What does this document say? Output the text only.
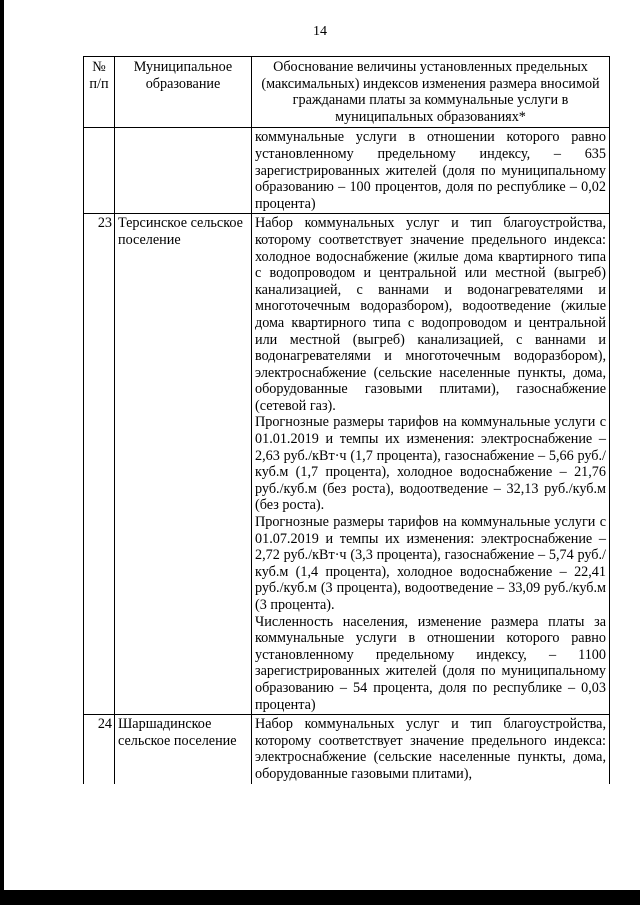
14
№ п/п	Муниципальное образование	Обоснование величины установленных предельных (максимальных) индексов изменения размера вносимой гражданами платы за коммунальные услуги в муниципальных образованиях*
		коммунальные услуги в отношении которого равно установленному предельному индексу, – 635 зарегистрированных жителей (доля по муниципальному образованию – 100 процентов, доля по республике – 0,02 процента)
23	Терсинское сельское поселение	Набор коммунальных услуг и тип благоустройства, которому соответствует значение предельного индекса: холодное водоснабжение (жилые дома квартирного типа с водопроводом и центральной или местной (выгреб) канализацией, с ваннами и водонагревателями и многоточечным водоразбором), водоотведение (жилые дома квартирного типа с водопроводом и центральной или местной (выгреб) канализацией, с ваннами и водонагревателями и многоточечным водоразбором), электроснабжение (сельские населенные пункты, дома, оборудованные газовыми плитами), газоснабжение (сетевой газ).
Прогнозные размеры тарифов на коммунальные услуги с 01.01.2019 и темпы их изменения: электроснабжение – 2,63 руб./кВт·ч (1,7 процента), газоснабжение – 5,66 руб./куб.м (1,7 процента), холодное водоснабжение – 21,76 руб./куб.м (без роста), водоотведение – 32,13 руб./куб.м (без роста).
Прогнозные размеры тарифов на коммунальные услуги с 01.07.2019 и темпы их изменения: электроснабжение – 2,72 руб./кВт·ч (3,3 процента), газоснабжение – 5,74 руб./куб.м (1,4 процента), холодное водоснабжение – 22,41 руб./куб.м (3 процента), водоотведение – 33,09 руб./куб.м (3 процента).
Численность населения, изменение размера платы за коммунальные услуги в отношении которого равно установленному предельному индексу, – 1100 зарегистрированных жителей (доля по муниципальному образованию – 54 процента, доля по республике – 0,03 процента)

24	Шаршадинское сельское поселение	Набор коммунальных услуг и тип благоустройства, которому соответствует значение предельного индекса: электроснабжение (сельские населенные пункты, дома, оборудованные газовыми плитами),
